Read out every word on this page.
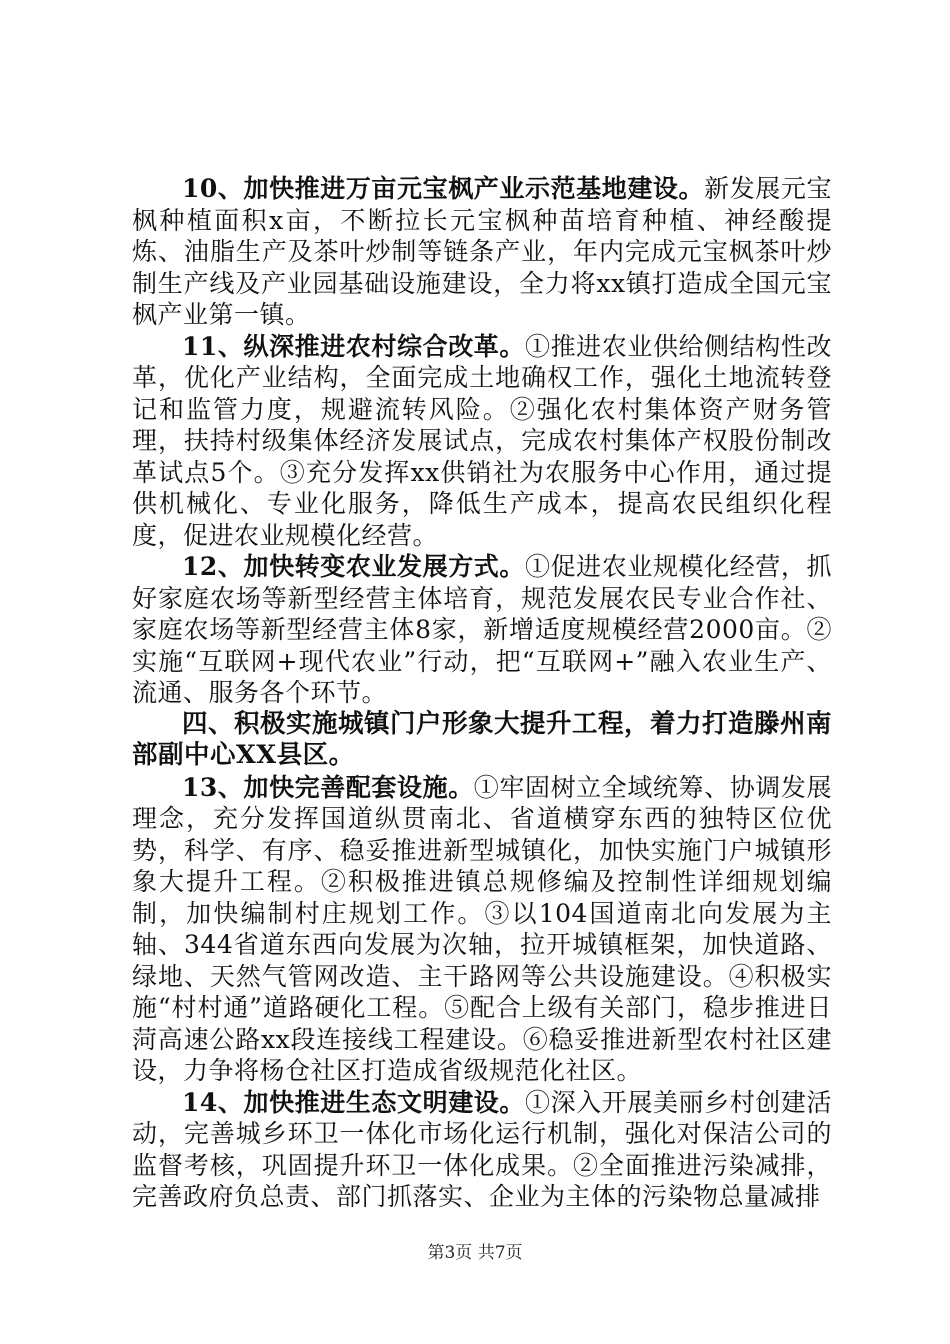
10、加快推进万亩元宝枫产业示范基地建设。新发展元宝枫种植面积x亩，不断拉长元宝枫种苗培育种植、神经酸提炼、油脂生产及茶叶炒制等链条产业，年内完成元宝枫茶叶炒制生产线及产业园基础设施建设，全力将xx镇打造成全国元宝枫产业第一镇。

11、纵深推进农村综合改革。①推进农业供给侧结构性改革，优化产业结构，全面完成土地确权工作，强化土地流转登记和监管力度，规避流转风险。②强化农村集体资产财务管理，扶持村级集体经济发展试点，完成农村集体产权股份制改革试点5个。③充分发挥xx供销社为农服务中心作用，通过提供机械化、专业化服务，降低生产成本，提高农民组织化程度，促进农业规模化经营。

12、加快转变农业发展方式。①促进农业规模化经营，抓好家庭农场等新型经营主体培育，规范发展农民专业合作社、家庭农场等新型经营主体8家，新增适度规模经营2000亩。②实施“互联网+现代农业”行动，把“互联网+”融入农业生产、流通、服务各个环节。

四、积极实施城镇门户形象大提升工程，着力打造滕州南部副中心XX县区。

13、加快完善配套设施。①牢固树立全域统筹、协调发展理念，充分发挥国道纵贯南北、省道横穿东西的独特区位优势，科学、有序、稳妥推进新型城镇化，加快实施门户城镇形象大提升工程。②积极推进镇总规修编及控制性详细规划编制，加快编制村庄规划工作。③以104国道南北向发展为主轴、344省道东西向发展为次轴，拉开城镇框架，加快道路、绿地、天然气管网改造、主干路网等公共设施建设。④积极实施“村村通”道路硬化工程。⑤配合上级有关部门，稳步推进日菏高速公路xx段连接线工程建设。⑥稳妥推进新型农村社区建设，力争将杨仓社区打造成省级规范化社区。

14、加快推进生态文明建设。①深入开展美丽乡村创建活动，完善城乡环卫一体化市场化运行机制，强化对保洁公司的监督考核，巩固提升环卫一体化成果。②全面推进污染减排，完善政府负总责、部门抓落实、企业为主体的污染物总量减排

第3页 共7页
